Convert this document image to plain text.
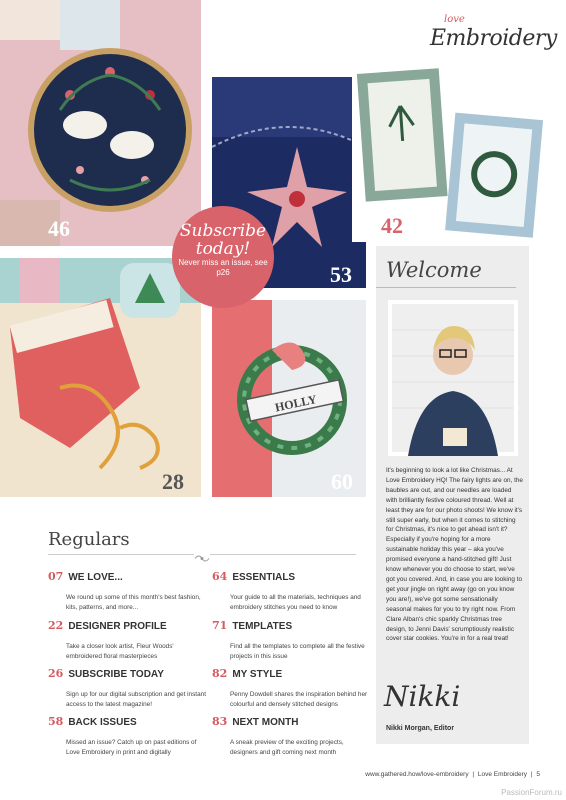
46
53
42
love
Embroidery
28
HOLLY
60
Subscribe today!
Never miss an issue, see p26	Welcome
It's beginning to look a lot like Christmas... At Love Embroidery HQ! The fairy lights are on, the baubles are out, and our needles are loaded with brilliantly festive coloured thread. Well at least they are for our photo shoots! We know it's still super early, but when it comes to stitching for Christmas, it's nice to get ahead isn't it? Especially if you're hoping for a more sustainable holiday this year – aka you've promised everyone a hand-stitched gift! Just know whenever you do choose to start, we've got you covered. And, in case you are looking to get your jingle on right away (go on you know you are!), we've got some sensationally seasonal makes for you to try right now. From Clare Alban's chic sparkly Christmas tree design, to Jenni Davis' scrumptiously realistic cover star cookies. You're in for a real treat!
Nikki
Nikki Morgan, Editor
Regulars
07 WE LOVE...
We round up some of this month's best fashion, kits, patterns, and more...
22 DESIGNER PROFILE
Take a closer look artist, Fleur Woods' embroidered floral masterpieces
26 SUBSCRIBE TODAY
Sign up for our digital subscription and get instant access to the latest magazine!
58 BACK ISSUES
Missed an issue? Catch up on past editions of Love Embroidery in print and digitally
64 ESSENTIALS
Your guide to all the materials, techniques and embroidery stitches you need to know
71 TEMPLATES
Find all the templates to complete all the festive projects in this issue
82 MY STYLE
Penny Dowdell shares the inspiration behind her colourful and densely stitched designs
83 NEXT MONTH
A sneak preview of the exciting projects, designers and gift coming next month
www.gathered.how/love-embroidery | Love Embroidery | 5
PassionForum.ru
